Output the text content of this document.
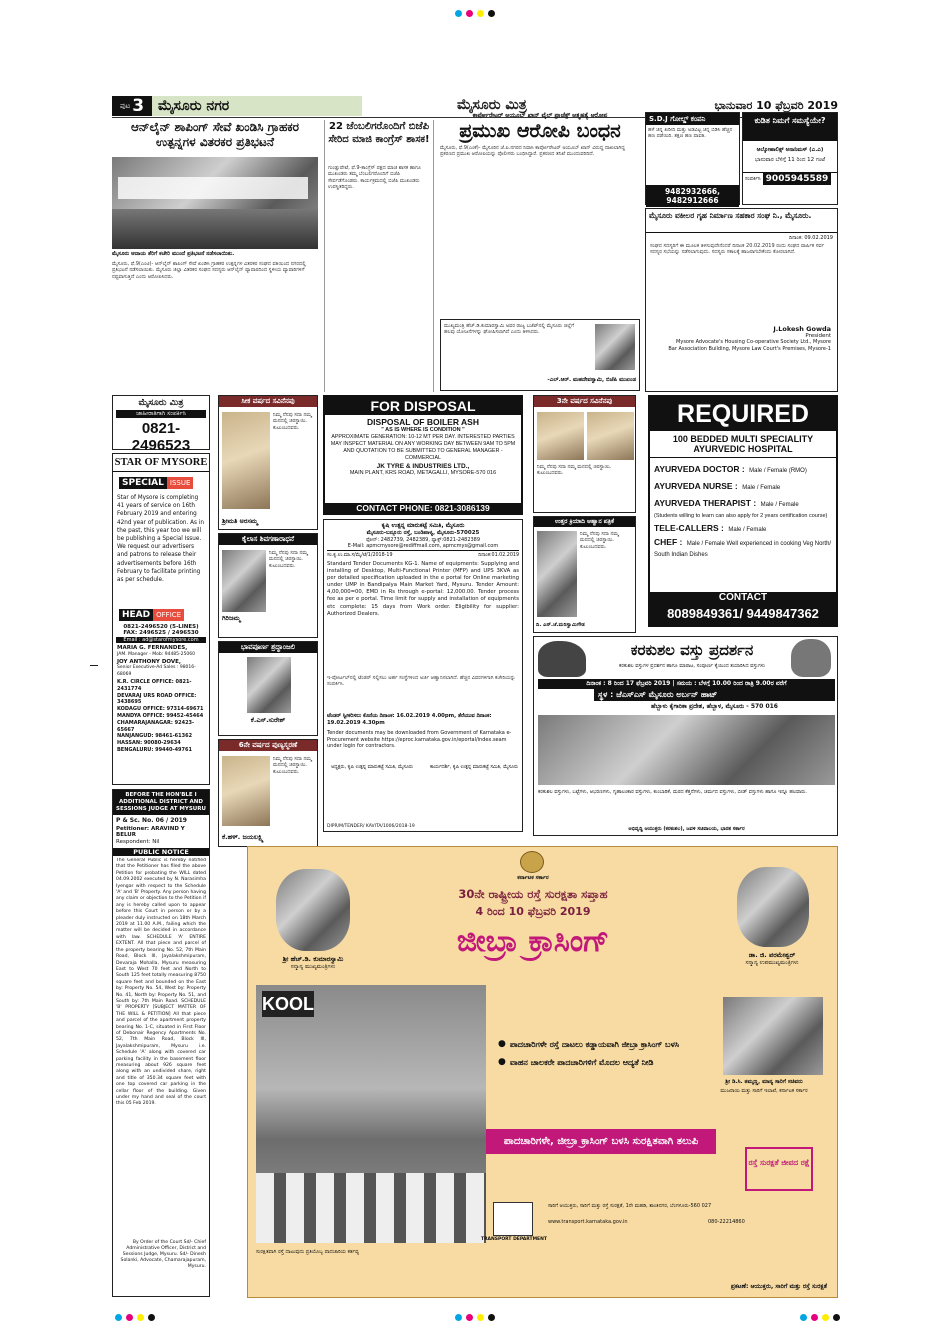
ಪುಟ 3 ಮೈಸೂರು ನಗರ	ಮೈಸೂರು ಮಿತ್ರ	ಭಾನುವಾರ 10 ಫೆಬ್ರವರಿ 2019
ಆನ್‌ಲೈನ್ ಶಾಪಿಂಗ್ ಸೇವೆ ಖಂಡಿಸಿ ಗ್ರಾಹಕರ ಉತ್ಪನ್ನಗಳ ವಿತರಕರ ಪ್ರತಿಭಟನೆ
ಮೈಸೂರು ಆದಾಯ ತೆರಿಗೆ ಕಚೇರಿ ಮುಂದೆ ಪ್ರತಿಭಟನೆ ನಡೆಸಲಾಯಿತು.
ಮೈಸೂರು, ಫೆ.9(ಎಂಟಿ)- ಆನ್‌ಲೈನ್ ಶಾಪಿಂಗ್ ಸೇವೆ ಖಂಡಿಸಿ ಗ್ರಾಹಕರ ಉತ್ಪನ್ನಗಳ ವಿತರಕರ ಸಂಘದ ವತಿಯಿಂದ ನಗರದಲ್ಲಿ ಪ್ರತಿಭಟನೆ ನಡೆಸಲಾಯಿತು. ಮೈಸೂರು ಜಿಲ್ಲಾ ವಿತರಕರ ಸಂಘದ ಸದಸ್ಯರು ಆನ್‌ಲೈನ್ ವ್ಯಾಪಾರದಿಂದ ಸ್ಥಳೀಯ ವ್ಯಾಪಾರಿಗಳಿಗೆ ನಷ್ಟವಾಗುತ್ತಿದೆ ಎಂದು ಆರೋಪಿಸಿದರು.
22 ಜೆಂಬಲಿಗರೊಂದಿಗೆ ಬಿಜೆಪಿ ಸೇರಿದ ಮಾಜಿ ಕಾಂಗ್ರೆಸ್ ಶಾಸಕ!
ಗುಂಡ್ಲುಪೇಟೆ, ಫೆ.9-ಕಾಂಗ್ರೆಸ್ ಪಕ್ಷದ ಮಾಜಿ ಶಾಸಕ ಹಾಗೂ ಮುಖಂಡರು ತಮ್ಮ ಬೆಂಬಲಿಗರೊಂದಿಗೆ ಬಿಜೆಪಿ ಸೇರ್ಪಡೆಗೊಂಡರು. ಕಾರ್ಯಕ್ರಮದಲ್ಲಿ ಬಿಜೆಪಿ ಮುಖಂಡರು ಉಪಸ್ಥಿತರಿದ್ದರು.
ಕಾರ್ಪೋರೇಟರ್ ಅಯೂಬ್ ಖಾನ್ ವೈಲ್ ಪ್ರಾಜೆಕ್ಟ್ ಆತ್ಮಹತ್ಯೆ ಆರೋಪ
ಪ್ರಮುಖ ಆರೋಪಿ ಬಂಧನ
ಮೈಸೂರು, ಫೆ.9(ಎಂಕೆ)- ಮೈಸೂರಿನ ಜೆ.ಪಿ.ನಗರದ ನಿವಾಸಿ ಕಾರ್ಪೋರೇಟರ್ ಅಯೂಬ್ ಖಾನ್ ವಿರುದ್ಧ ದಾಖಲಾಗಿದ್ದ ಪ್ರಕರಣದ ಪ್ರಮುಖ ಆರೋಪಿಯನ್ನು ಪೊಲೀಸರು ಬಂಧಿಸಿದ್ದಾರೆ. ಪ್ರಕರಣದ ತನಿಖೆ ಮುಂದುವರಿದಿದೆ.
ಮುಖ್ಯಮಂತ್ರಿ ಹೆಚ್.ಡಿ.ಕುಮಾರಸ್ವಾಮಿ ಅವರ ರಾಜ್ಯ ಬಜೆಟ್‌ನಲ್ಲಿ ಮೈಸೂರು ಜಿಲ್ಲೆಗೆ ಹಲವು ಯೋಜನೆಗಳನ್ನು ಘೋಷಿಸಲಾಗಿದೆ ಎಂದು ತಿಳಿಸಿದರು.
-ಎಲ್.ಆರ್. ಮಹದೇವಸ್ವಾಮಿ, ಬಿಜೆಪಿ ಮುಖಂಡ
S.D.J ಗೋಲ್ಡ್ ಕಂಪನಿ
ಹಳೆ ಚಿನ್ನ ಖರೀದಿ ಮತ್ತು ಅಡವಿಟ್ಟ ಚಿನ್ನ ಬಿಡಿಸಿ ಹೆಚ್ಚಿನ ಹಣ ಪಡೆಯಿರಿ. ತಕ್ಷಣ ಹಣ ಪಾವತಿ.
9482932666, 9482912666
ಕುಡಿತ ನಿಮಗೆ ಸಮಸ್ಯೆಯೇ?
ಆಲ್ಕೋಹಾಲಿಕ್ಸ್ ಅನಾನಿಮಸ್ (ಎ.ಎ)
ಭಾನುವಾರ ಬೆಳಿಗ್ಗೆ 11 ರಿಂದ 12 ಗಂಟೆ
ಸಂಪರ್ಕಿಸಿ 9005945589
ಮೈಸೂರು ವಕೀಲರ ಗೃಹ ನಿರ್ಮಾಣ ಸಹಕಾರ ಸಂಘ ನಿ., ಮೈಸೂರು.
ದಿನಾಂಕ: 09.02.2019
ಸಂಘದ ಸದಸ್ಯರಿಗೆ ಈ ಮೂಲಕ ತಿಳಿಸುವುದೇನೆಂದರೆ ದಿನಾಂಕ 20.02.2019 ರಂದು ಸಂಘದ ವಾರ್ಷಿಕ ಸರ್ವ ಸದಸ್ಯರ ಸಭೆಯನ್ನು ನಡೆಸಲಾಗುವುದು. ಸದಸ್ಯರು ಸಕಾಲಕ್ಕೆ ಹಾಜರಾಗಬೇಕೆಂದು ಕೋರಲಾಗಿದೆ.
J.Lokesh Gowda
President
Mysore Advocate's Housing Co-operative Society Ltd., Mysore
Bar Association Building, Mysore Law Court's Premises, Mysore-1
ಮೈಸೂರು ಮಿತ್ರ
ಜಾಹೀರಾತಿಗಾಗಿ ಸಂಪರ್ಕಿಸಿ
0821-2496523
STAR OF MYSORE
SPECIAL ISSUE
Star of Mysore is completing 41 years of service on 16th February 2019 and entering 42nd year of publication. As in the past, this year too we will be publishing a Special Issue. We request our advertisers and patrons to release their advertisements before 16th February to facilitate printing as per schedule.
HEAD OFFICE
0821-2496520 (5-LINES)
FAX: 2496525 / 2496530
Email : ad@starofmysore.com
MARIA G. FERNANDES,
JAM. Manager - Mob: 94485-25060
JOY ANTHONY DOVE,
Senior Executive-Ad Sales : 98016-68069
K.R. CIRCLE OFFICE: 0821-2431774
DEVARAJ URS ROAD OFFICE: 3438695
KODAGU OFFICE: 97314-69671
MANDYA OFFICE: 99452-45464
CHAMARAJANAGAR: 92423-65667
NANJANGUD: 98461-61362
HASSAN: 90080-29634
BENGALURU: 99440-49761
BEFORE THE HON'BLE I ADDITIONAL DISTRICT AND SESSIONS JUDGE AT MYSURU
P & Sc. No. 06 / 2019
Petitioner: ARAVIND Y BELUR
Respondent: Nil
PUBLIC NOTICE
The General Public is hereby notified that the Petitioner has filed the above Petition for probating the WILL dated 04.09.2002 executed by N. Narasimha Iyengar with respect to the Schedule 'A' and 'B' Property. Any person having any claim or objection to the Petition if any is hereby called upon to appear before this Court in person or by a pleader duly instructed on 18th March 2019 at 11.00 A.M., failing which the matter will be decided in accordance with law. SCHEDULE 'A' ENTIRE EXTENT. All that piece and parcel of the property bearing No. 52, 7th Main Road, Block III, Jayalakshmipuram, Devaraja Mohalla, Mysuru measuring East to West 70 feet and North to South 125 feet totally measuring 8750 square feet and bounded on the East by: Property No. 54, West by: Property No. 41, North by: Property No. 51, and South by: 7th Main Road. SCHEDULE 'B' PROPERTY [SUBJECT MATTER OF THE WILL & PETITION] All that piece and parcel of the apartment property bearing No. 1-C, situated in First Floor of Debonair Regency Apartments No. 52, 7th Main Road, Block III, Jayalakshmipuram, Mysuru i.e. Schedule 'A' along with covered car parking facility in the basement floor measuring about 926 square feet along with an undivided share, right and title of 350.34 square feet with one top covered car parking in the cellar floor of the building. Given under my hand and seal of the court this 05 Feb 2019.
By Order of the Court Sd/- Chief Administrative Officer, District and Sessions Judge, Mysuru. Sd/- Dinesh Solanki, Advocate, Chamarajapuram, Mysuru.
ಸೀಕ ವರ್ಷದ ಸವಿನೆನಪು
ನಿಮ್ಮ ನೆನಪು ಸದಾ ನಮ್ಮ ಮನದಲ್ಲಿ ಚಿರಸ್ಥಾಯಿ. ಕುಟುಂಬದವರು.
ಶ್ರೀಮತಿ ಅರಸಮ್ಮ
ಕೈಲಾಸ ಶಿವಗಣಾರಾಧನೆ
ನಿಮ್ಮ ನೆನಪು ಸದಾ ನಮ್ಮ ಮನದಲ್ಲಿ ಚಿರಸ್ಥಾಯಿ. ಕುಟುಂಬದವರು.
ಗಿರಿಜಮ್ಮ
ಭಾವಪೂರ್ಣ ಶ್ರದ್ಧಾಂಜಲಿ
ಕೆ.ಎಸ್.ಸುರೇಶ್
6ನೇ ವರ್ಷದ ಪುಣ್ಯಸ್ಮರಣೆ
ನಿಮ್ಮ ನೆನಪು ಸದಾ ನಮ್ಮ ಮನದಲ್ಲಿ ಚಿರಸ್ಥಾಯಿ. ಕುಟುಂಬದವರು.
ಕೆ.ಹಳ್. ಜಯಲಕ್ಷ್ಮಿ
FOR DISPOSAL
DISPOSAL OF BOILER ASH
" AS IS WHERE IS CONDITION "
APPROXIMATE GENERATION: 10-12 MT PER DAY. INTERESTED PARTIES MAY INSPECT MATERIAL ON ANY WORKING DAY BETWEEN 9AM TO 5PM AND QUOTATION TO BE SUBMITTED TO GENERAL MANAGER - COMMERCIAL
JK TYRE & INDUSTRIES LTD.,
MAIN PLANT, KRS ROAD, METAGALLI, MYSORE-570 016
CONTACT PHONE: 0821-3086139
ಕೃಷಿ ಉತ್ಪನ್ನ ಮಾರುಕಟ್ಟೆ ಸಮಿತಿ, ಮೈಸೂರು
ಮೈಸೂರು-ಬನ್ನೂರು ರಸ್ತೆ, ಬಂಡಿಪಾಳ್ಯ, ಮೈಸೂರು-570025
ಫೋನ್: 2482739, 2482389, ಫ್ಯಾಕ್ಸ್:0821-2482389
E-Mail: apmcmysore@rediffmail.com, apmcmys@gmail.com
ಸಂ.ಕೃ.ಉ.ಮಾ.ಸ/ಮೈ/ಟೆ/1/2018-19	ದಿನಾಂಕ:01.02.2019
Standard Tender Documents KG-1. Name of equipments: Supplying and installing of Desktop, Multi-Functional Printer (MFP) and UPS 3KVA as per detailed specification uploaded in the e portal for Online marketing under UMP in Bandipalya Main Market Yard, Mysuru. Tender Amount: 4,00,000=00, EMD in Rs through e-portal: 12,000.00. Tender process fee as per e portal. Time limit for supply and installation of equipments etc complete: 15 days from Work order. Eligibility for supplier: Authorized Dealers.
ಇ-ಪೋರ್ಟಲ್‌ನಲ್ಲಿ ಟೆಂಡರ್ ಸಲ್ಲಿಸಲು ಅರ್ಹ ಸಂಸ್ಥೆಗಳಿಂದ ಅರ್ಜಿ ಆಹ್ವಾನಿಸಲಾಗಿದೆ. ಹೆಚ್ಚಿನ ವಿವರಗಳಿಗಾಗಿ ಕಚೇರಿಯನ್ನು ಸಂಪರ್ಕಿಸಿ.
ಟೆಂಡರ್ ಸ್ವೀಕರಿಸಲು ಕೊನೆಯ ದಿನಾಂಕ: 16.02.2019 4.00pm, ತೆರೆಯುವ ದಿನಾಂಕ: 19.02.2019 4.30pm
Tender documents may be downloaded from Government of Karnataka e-Procurement website https://eproc.karnataka.gov.in/eportal/index.seam under login for contractors.
ಅಧ್ಯಕ್ಷರು, ಕೃಷಿ ಉತ್ಪನ್ನ ಮಾರುಕಟ್ಟೆ ಸಮಿತಿ, ಮೈಸೂರು	ಕಾರ್ಯದರ್ಶಿ, ಕೃಷಿ ಉತ್ಪನ್ನ ಮಾರುಕಟ್ಟೆ ಸಮಿತಿ, ಮೈಸೂರು
DIPR/M/TENDER/ KAVITA/1006/2018-19
3ನೇ ವರ್ಷದ ಸವಿನೆನಪು
ನಿಮ್ಮ ನೆನಪು ಸದಾ ನಮ್ಮ ಮನದಲ್ಲಿ ಚಿರಸ್ಥಾಯಿ. ಕುಟುಂಬದವರು.
ಉತ್ತರ ಕ್ರಿಯಾದಿ ಆಹ್ವಾನ ಪತ್ರಿಕೆ
ನಿಮ್ಮ ನೆನಪು ಸದಾ ನಮ್ಮ ಮನದಲ್ಲಿ ಚಿರಸ್ಥಾಯಿ. ಕುಟುಂಬದವರು.
ದಿ. ಎನ್.ಜೆ.ಮರಿಸ್ವಾಮಿಗೌಡ
REQUIRED
100 BEDDED MULTI SPECIALITY
AYURVEDIC HOSPITAL
AYURVEDA DOCTOR : Male / Female (RMO)
AYURVEDA NURSE : Male / Female
AYURVEDA THERAPIST : Male / Female
(Students willing to learn can also apply for 2 years certification course)
TELE-CALLERS : Male / Female
CHEF : Male / Female Well experienced in cooking Veg North/ South Indian Dishes
CONTACT
8089849361/ 9449847362
ಕರಕುಶಲ ವಸ್ತು ಪ್ರದರ್ಶನ
ಕರಕುಶಲ ವಸ್ತುಗಳ ಪ್ರದರ್ಶನ ಹಾಗೂ ಮಾರಾಟ, ಸಂಪೂರ್ಣ ಕೈಯಿಂದ ತಯಾರಿಸಿದ ವಸ್ತುಗಳು
ದಿನಾಂಕ : 8 ರಿಂದ 17 ಫೆಬ್ರವರಿ 2019 | ಸಮಯ : ಬೆಳಗ್ಗೆ 10.00 ರಿಂದ ರಾತ್ರಿ 9.00ರ ವರೆಗೆ
ಸ್ಥಳ : ಜೆಎಸ್‌ಎಸ್ ಮೈಸೂರು ಅರ್ಬನ್ ಹಾಟ್
ಹೆಬ್ಬಾಳು ಕೈಗಾರಿಕಾ ಪ್ರದೇಶ, ಹೆಬ್ಬಾಳ, ಮೈಸೂರು - 570 016
ಕರಕುಶಲ ವಸ್ತುಗಳು, ಬಟ್ಟೆಗಳು, ಆಭರಣಗಳು, ಗೃಹಾಲಂಕಾರ ವಸ್ತುಗಳು, ಕುಂಬಾರಿಕೆ, ಮರದ ಕೆತ್ತನೆಗಳು, ಚರ್ಮದ ವಸ್ತುಗಳು, ಬೀಡ್ ವಸ್ತುಗಳು ಹಾಗೂ ಇನ್ನೂ ಹಲವಾರು.
ಅಭಿವೃದ್ಧಿ ಆಯುಕ್ತರು (ಕರಕುಶಲ), ಜವಳಿ ಸಚಿವಾಲಯ, ಭಾರತ ಸರ್ಕಾರ
ಶ್ರೀ ಹೆಚ್.ಡಿ. ಕುಮಾರಸ್ವಾಮಿ
ಸನ್ಮಾನ್ಯ ಮುಖ್ಯಮಂತ್ರಿಗಳು
ಕರ್ನಾಟಕ ಸರ್ಕಾರ
30ನೇ ರಾಷ್ಟ್ರೀಯ ರಸ್ತೆ ಸುರಕ್ಷತಾ ಸಪ್ತಾಹ
4 ರಿಂದ 10 ಫೆಬ್ರವರಿ 2019
ಜೀಬ್ರಾ ಕ್ರಾಸಿಂಗ್	ಡಾ. ಜಿ. ಪರಮೇಶ್ವರ್
ಸನ್ಮಾನ್ಯ ಉಪಮುಖ್ಯಮಂತ್ರಿಗಳು
KOOL
● ಪಾದಚಾರಿಗಳೇ ರಸ್ತೆ ದಾಟಲು ಕಡ್ಡಾಯವಾಗಿ ಜೀಬ್ರಾ ಕ್ರಾಸಿಂಗ್ ಬಳಸಿ
● ವಾಹನ ಚಾಲಕರೇ ಪಾದಚಾರಿಗಳಿಗೆ ಮೊದಲ ಆದ್ಯತೆ ನೀಡಿ
ಶ್ರೀ ಡಿ.ಸಿ. ತಮ್ಮಣ್ಣ, ಮಾನ್ಯ ಸಾರಿಗೆ ಸಚಿವರು
ಮುಜರಾಯಿ ಮತ್ತು ಸಾರಿಗೆ ಇಲಾಖೆ, ಕರ್ನಾಟಕ ಸರ್ಕಾರ
ಪಾದಚಾರಿಗಳೇ, ಜೀಬ್ರಾ ಕ್ರಾಸಿಂಗ್ ಬಳಸಿ ಸುರಕ್ಷಿತವಾಗಿ ತಲುಪಿ
ರಸ್ತೆ ಸುರಕ್ಷತೆ ಜೀವದ ರಕ್ಷೆ
TRANSPORT DEPARTMENT
ಸಾರಿಗೆ ಆಯುಕ್ತರು, ಸಾರಿಗೆ ಮತ್ತು ರಸ್ತೆ ಸುರಕ್ಷತೆ, 1ನೇ ಮಹಡಿ, ಶಾಂತಿನಗರ, ಬೆಂಗಳೂರು-560 027
www.transport.karnataka.gov.in	080-22214860
ಸುರಕ್ಷಿತವಾಗಿ ರಸ್ತೆ ದಾಟುವುದು ಪ್ರತಿಯೊಬ್ಬ ಪಾದಚಾರಿಯ ಕರ್ತವ್ಯ
ಪ್ರಕಟಣೆ: ಆಯುಕ್ತರು, ಸಾರಿಗೆ ಮತ್ತು ರಸ್ತೆ ಸುರಕ್ಷತೆ
